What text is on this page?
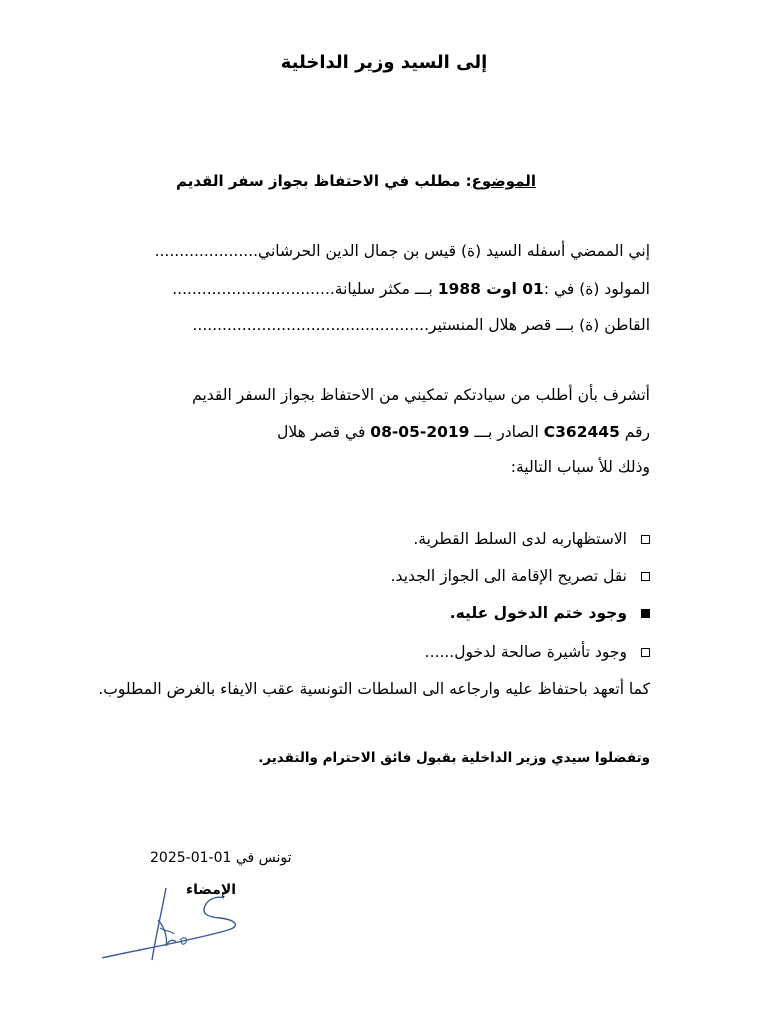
إلى السيد وزير الداخلية
الموضوع: مطلب في الاحتفاظ بجواز سفر القديم
إني الممضي أسفله السيد (ة) قيس بن جمال الدين الحرشاني.....................
المولود (ة) في :01 اوت 1988 بـــ مكثر سليانة.................................
القاطن (ة) بـــ قصر هلال المنستير................................................
أتشرف بأن أطلب من سيادتكم تمكيني من الاحتفاظ بجواز السفر القديم
رقم C362445 الصادر بـــ 2019-05-08 في قصر هلال
وذلك للأ سباب التالية:
الاستظهاربه لدى السلط القطرية.
نقل تصريح الإقامة الى الجواز الجديد.
وجود ختم الدخول عليه.
وجود تأشيرة صالحة لدخول......
كما أتعهد باحتفاظ عليه وارجاعه الى السلطات التونسية عقب الايفاء بالغرض المطلوب.
وتفضلوا سيدي وزير الداخلية بقبول فائق الاحترام والتقدير.
تونس في 01-01-2025
الإمضاء
